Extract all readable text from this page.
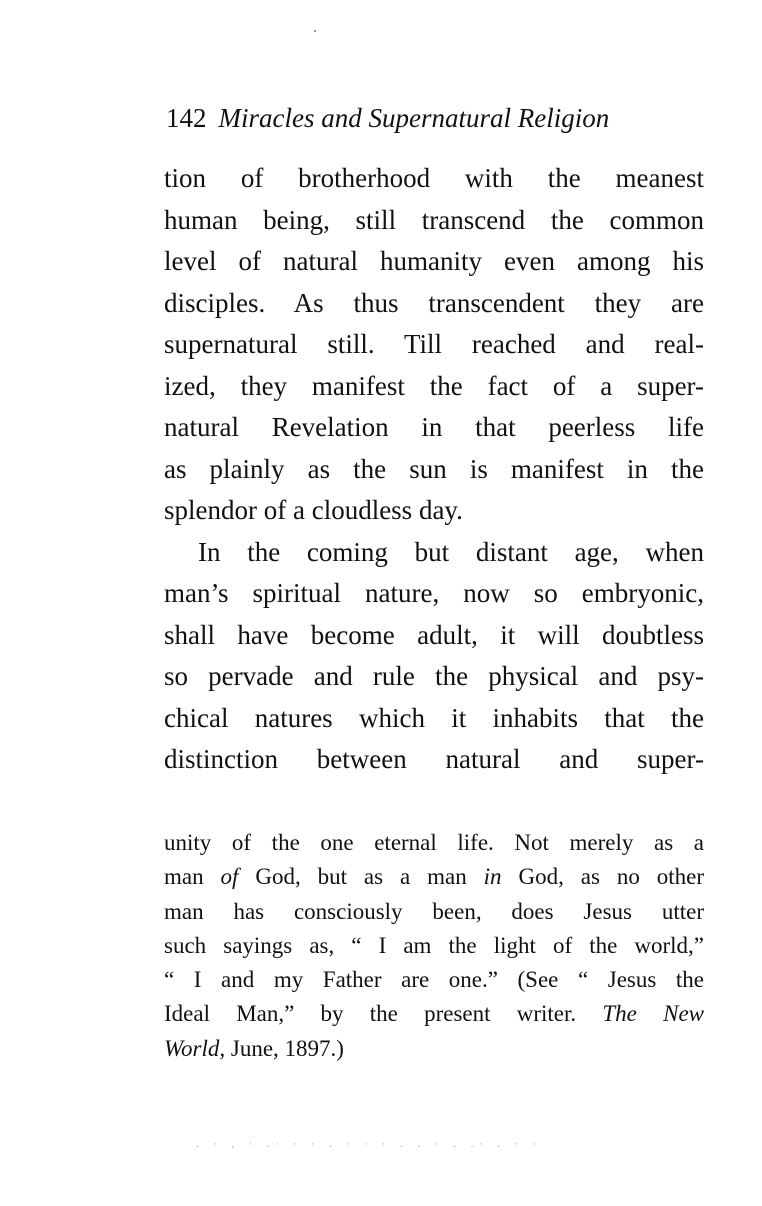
142 Miracles and Supernatural Religion
tion of brotherhood with the meanest
human being, still transcend the common
level of natural humanity even among his
disciples. As thus transcendent they are
supernatural still. Till reached and real-
ized, they manifest the fact of a super-
natural Revelation in that peerless life
as plainly as the sun is manifest in the
splendor of a cloudless day.
In the coming but distant age, when
man’s spiritual nature, now so embryonic,
shall have become adult, it will doubtless
so pervade and rule the physical and psy-
chical natures which it inhabits that the
distinction between natural and super-
unity of the one eternal life. Not merely as a
man of God, but as a man in God, as no other
man has consciously been, does Jesus utter
such sayings as, “ I am the light of the world,”
“ I and my Father are one.” (See “ Jesus the
Ideal Man,” by the present writer. The New
World, June, 1897.)
. · , · .· · · . · · · . . · . .· . · ·
